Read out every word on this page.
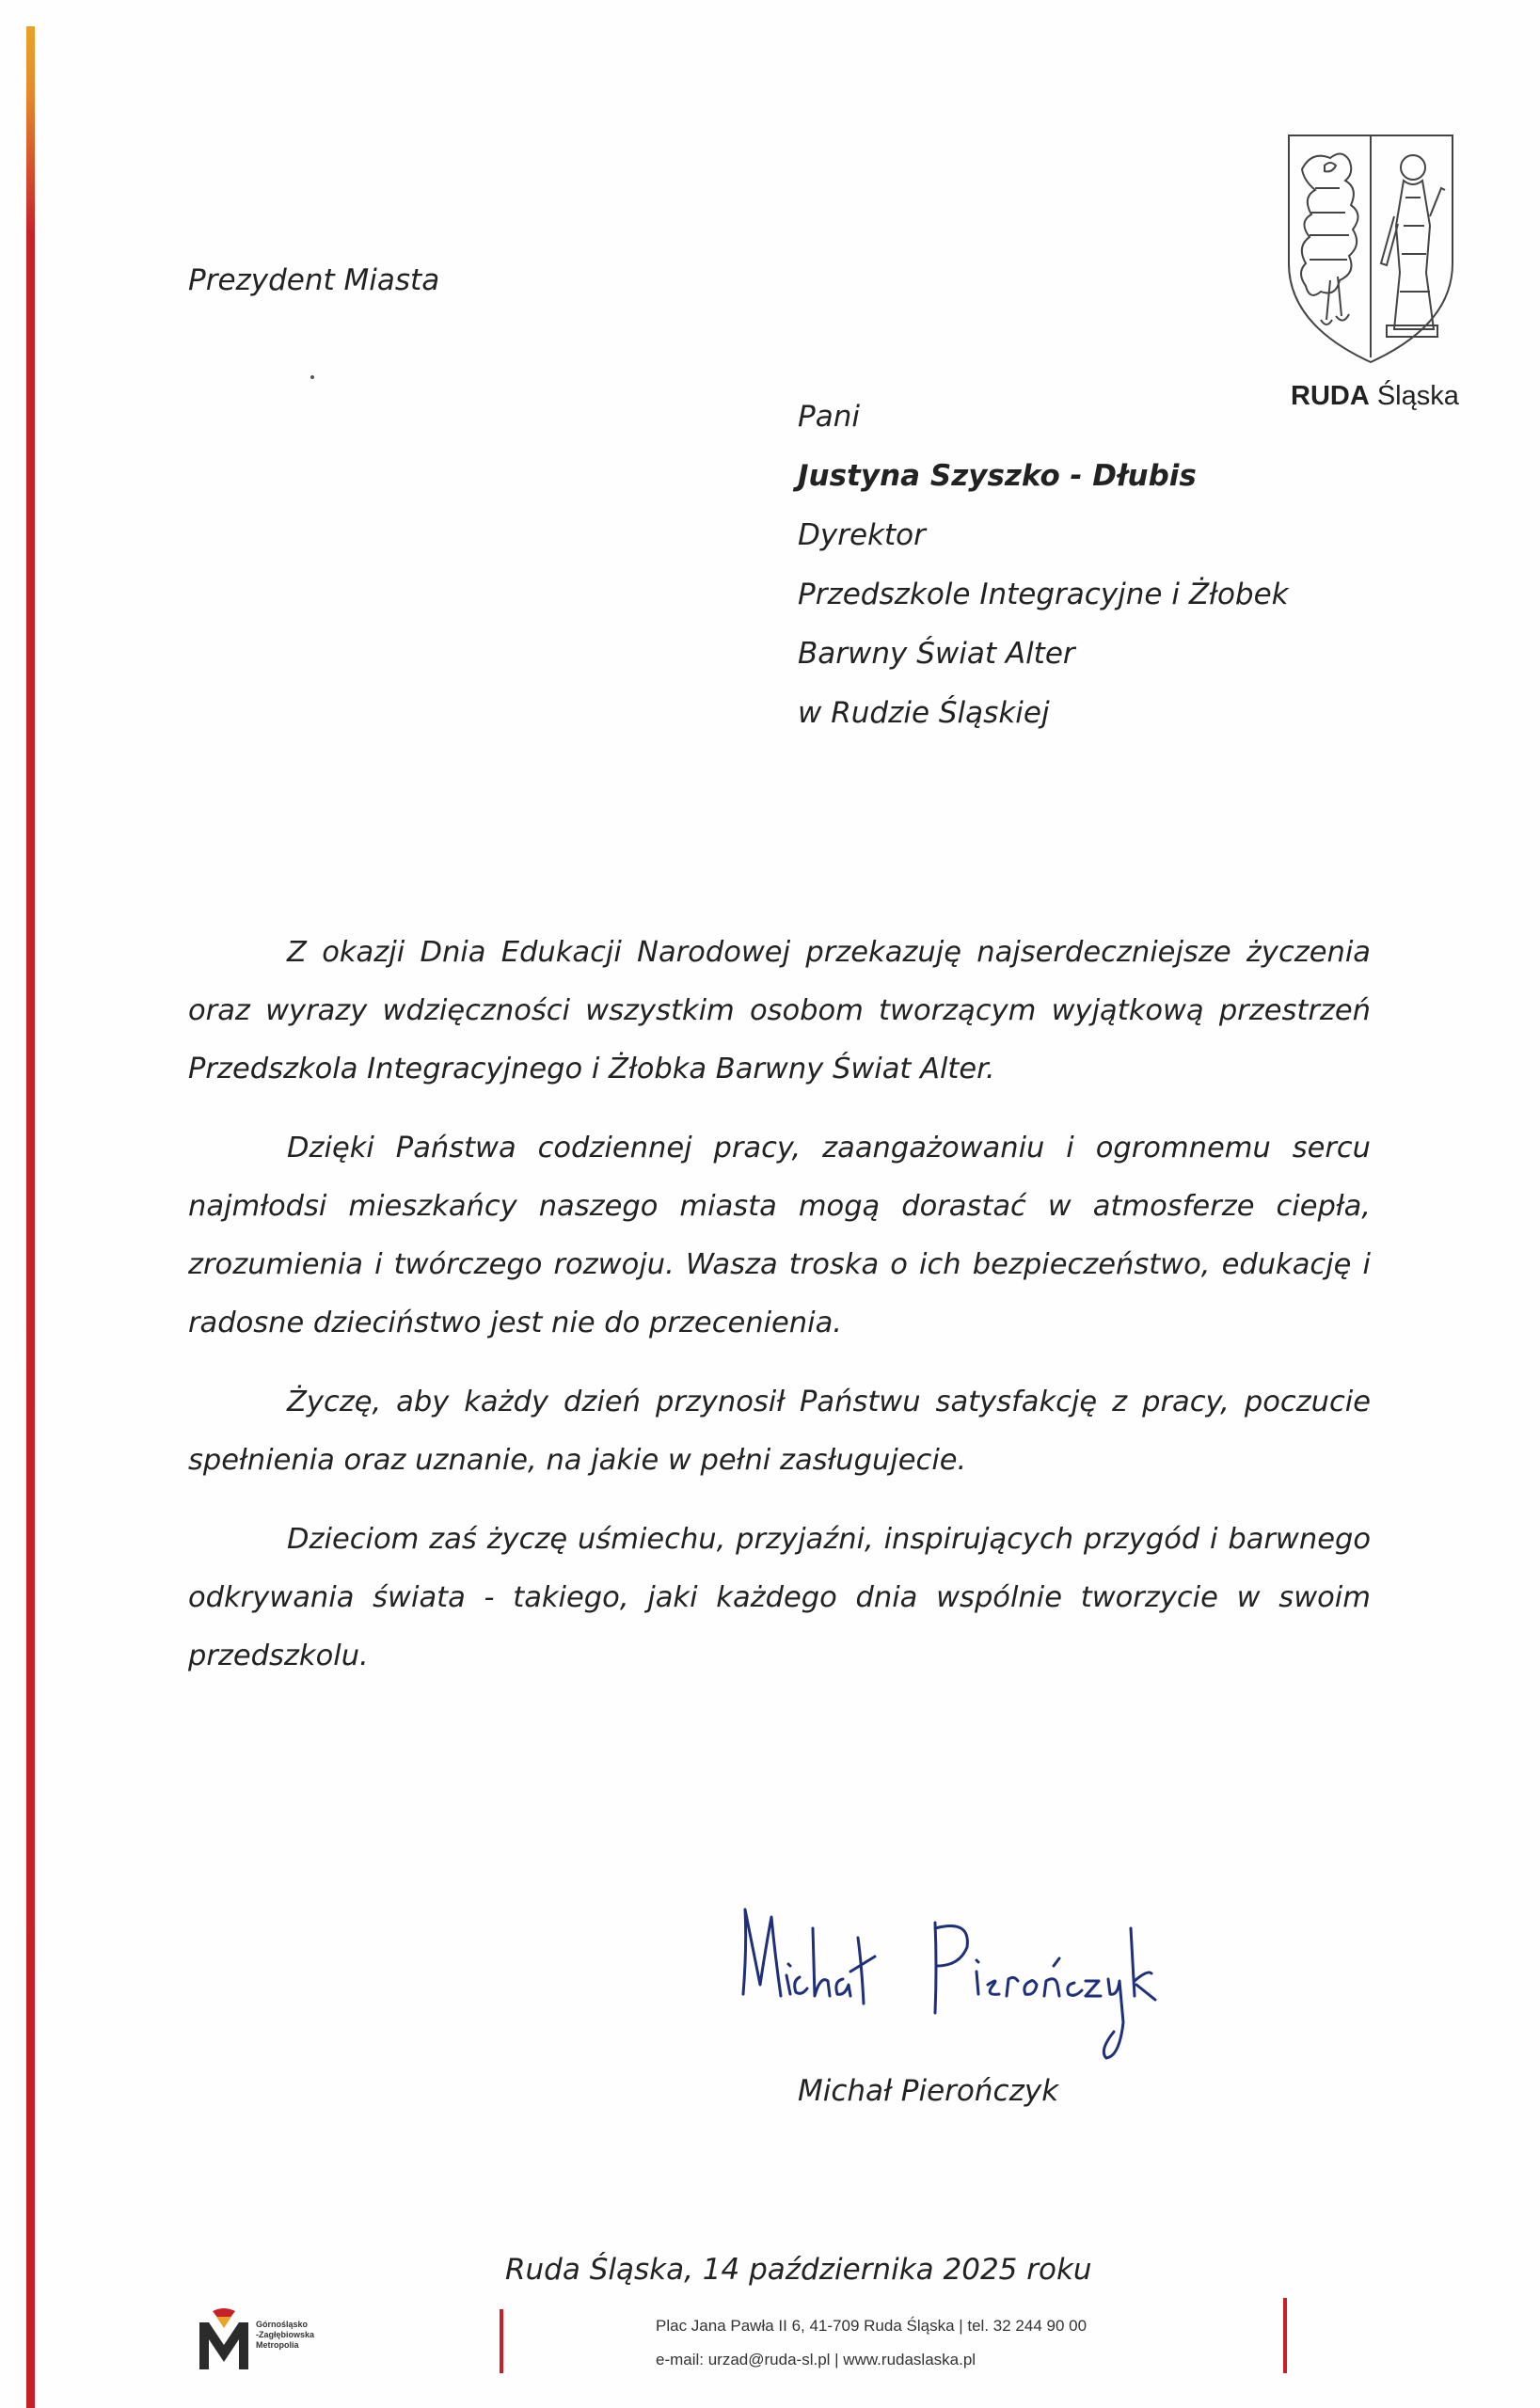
Prezydent Miasta
RUDA Śląska
Pani
Justyna Szyszko - Dłubis
Dyrektor
Przedszkole Integracyjne i Żłobek
Barwny Świat Alter
w Rudzie Śląskiej

Z okazji Dnia Edukacji Narodowej przekazuję najserdeczniejsze życzenia oraz wyrazy wdzięczności wszystkim osobom tworzącym wyjątkową przestrzeń Przedszkola Integracyjnego i Żłobka Barwny Świat Alter.

Dzięki Państwa codziennej pracy, zaangażowaniu i ogromnemu sercu najmłodsi mieszkańcy naszego miasta mogą dorastać w atmosferze ciepła, zrozumienia i twórczego rozwoju. Wasza troska o ich bezpieczeństwo, edukację i radosne dzieciństwo jest nie do przecenienia.

Życzę, aby każdy dzień przynosił Państwu satysfakcję z pracy, poczucie spełnienia oraz uznanie, na jakie w pełni zasługujecie.

Dzieciom zaś życzę uśmiechu, przyjaźni, inspirujących przygód i barwnego odkrywania świata - takiego, jaki każdego dnia wspólnie tworzycie w swoim przedszkolu.

Michał Pierończyk
Ruda Śląska, 14 października 2025 roku
Górnośląsko
-Zagłębiowska
Metropolia
Plac Jana Pawła II 6, 41-709 Ruda Śląska | tel. 32 244 90 00
e-mail: urzad@ruda-sl.pl | www.rudaslaska.pl
